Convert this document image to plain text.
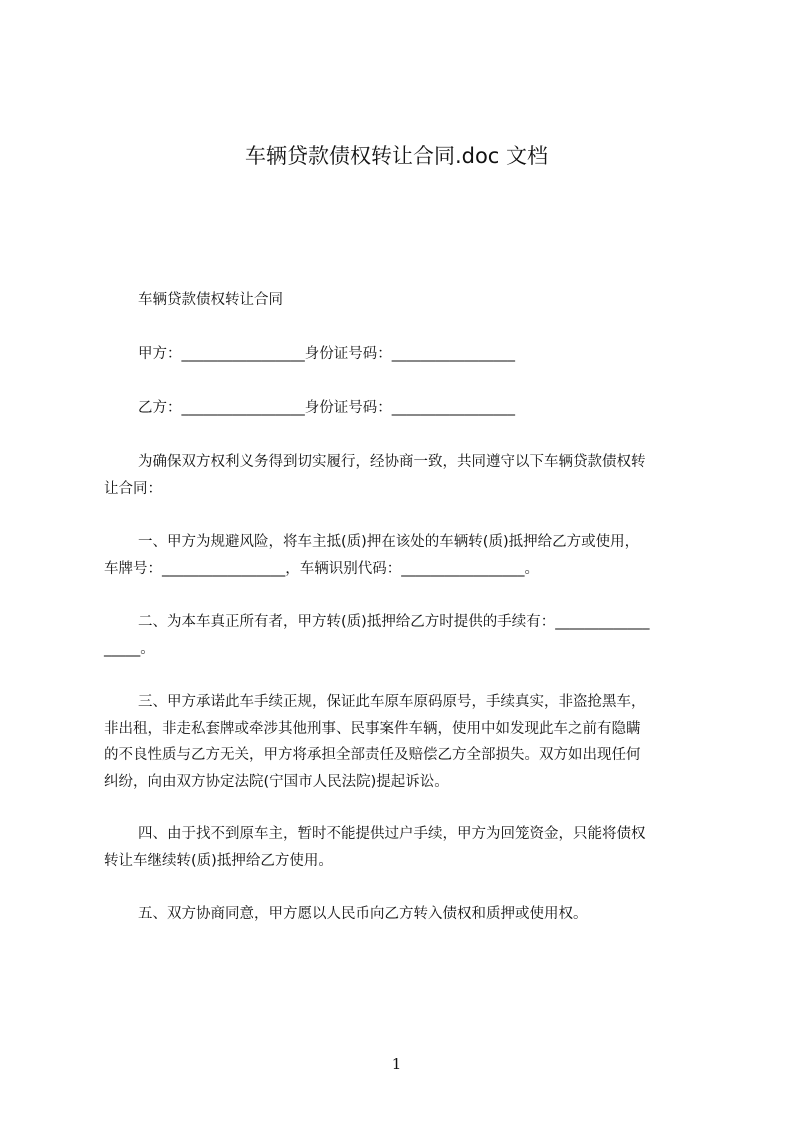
车辆贷款债权转让合同.doc 文档
车辆贷款债权转让合同
甲方：_________________身份证号码：_________________
乙方：_________________身份证号码：_________________
为确保双方权利义务得到切实履行，经协商一致，共同遵守以下车辆贷款债权转
让合同：
一、甲方为规避风险，将车主抵(质)押在该处的车辆转(质)抵押给乙方或使用，
车牌号：_________________，车辆识别代码：_________________。
二、为本车真正所有者，甲方转(质)抵押给乙方时提供的手续有：_____________
_____。
三、甲方承诺此车手续正规，保证此车原车原码原号，手续真实，非盗抢黑车，
非出租，非走私套牌或牵涉其他刑事、民事案件车辆，使用中如发现此车之前有隐瞒
的不良性质与乙方无关，甲方将承担全部责任及赔偿乙方全部损失。双方如出现任何
纠纷，向由双方协定法院(宁国市人民法院)提起诉讼。
四、由于找不到原车主，暂时不能提供过户手续，甲方为回笼资金，只能将债权
转让车继续转(质)抵押给乙方使用。
五、双方协商同意，甲方愿以人民币向乙方转入债权和质押或使用权。
1
